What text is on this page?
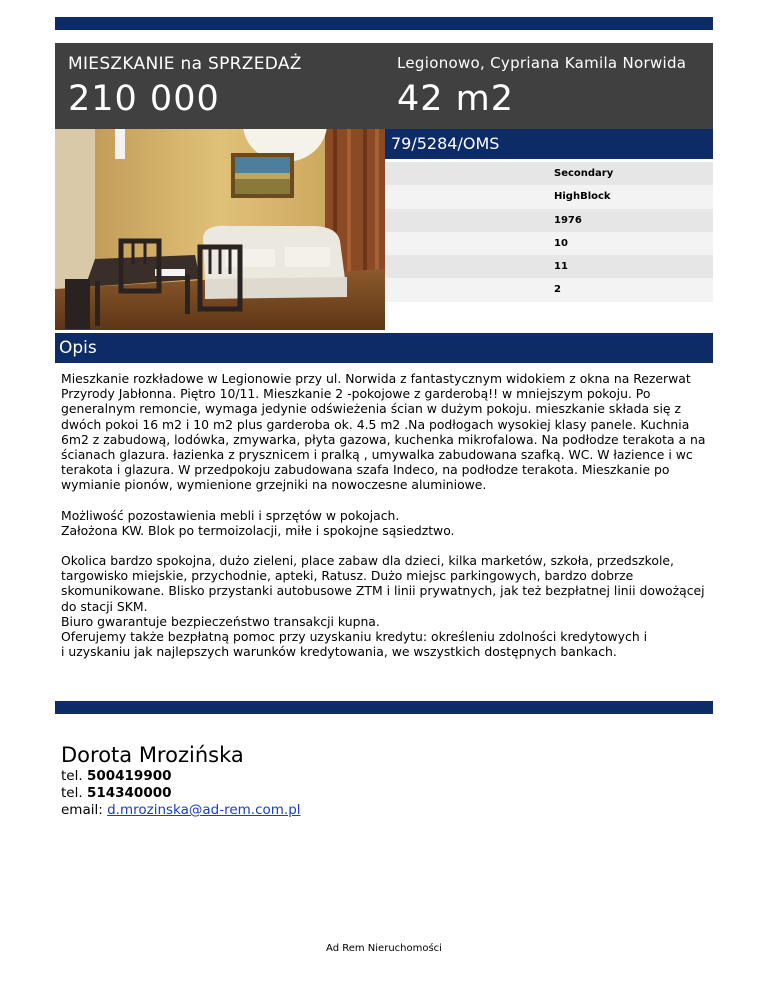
MIESZKANIE na SPRZEDAŻ
210 000
Legionowo, Cypriana Kamila Norwida
42 m2
79/5284/OMS
Secondary
HighBlock
1976
10
11
2
Opis

Mieszkanie rozkładowe w Legionowie przy ul. Norwida z fantastycznym widokiem z okna na Rezerwat Przyrody Jabłonna. Piętro 10/11. Mieszkanie 2 -pokojowe z garderobą!! w mniejszym pokoju. Po generalnym remoncie, wymaga jedynie odświeżenia ścian w dużym pokoju. mieszkanie składa się z dwóch pokoi 16 m2 i 10 m2 plus garderoba ok. 4.5 m2 .Na podłogach wysokiej klasy panele. Kuchnia 6m2 z zabudową, lodówka, zmywarka, płyta gazowa, kuchenka mikrofalowa. Na podłodze terakota a na ścianach glazura. łazienka z prysznicem i pralką , umywalka zabudowana szafką. WC. W łazience i wc terakota i glazura. W przedpokoju zabudowana szafa Indeco, na podłodze terakota. Mieszkanie po wymianie pionów, wymienione grzejniki na nowoczesne aluminiowe.

Możliwość pozostawienia mebli i sprzętów w pokojach.
Założona KW. Blok po termoizolacji, miłe i spokojne sąsiedztwo.

Okolica bardzo spokojna, dużo zieleni, place zabaw dla dzieci, kilka marketów, szkoła, przedszkole, targowisko miejskie, przychodnie, apteki, Ratusz. Dużo miejsc parkingowych, bardzo dobrze skomunikowane. Blisko przystanki autobusowe ZTM i linii prywatnych, jak też bezpłatnej linii dowożącej do stacji SKM.
Biuro gwarantuje bezpieczeństwo transakcji kupna.
Oferujemy także bezpłatną pomoc przy uzyskaniu kredytu: określeniu zdolności kredytowych i
i uzyskaniu jak najlepszych warunków kredytowania, we wszystkich dostępnych bankach.

Dorota Mrozińska
tel. 500419900
tel. 514340000
email: d.mrozinska@ad-rem.com.pl
Ad Rem Nieruchomości
